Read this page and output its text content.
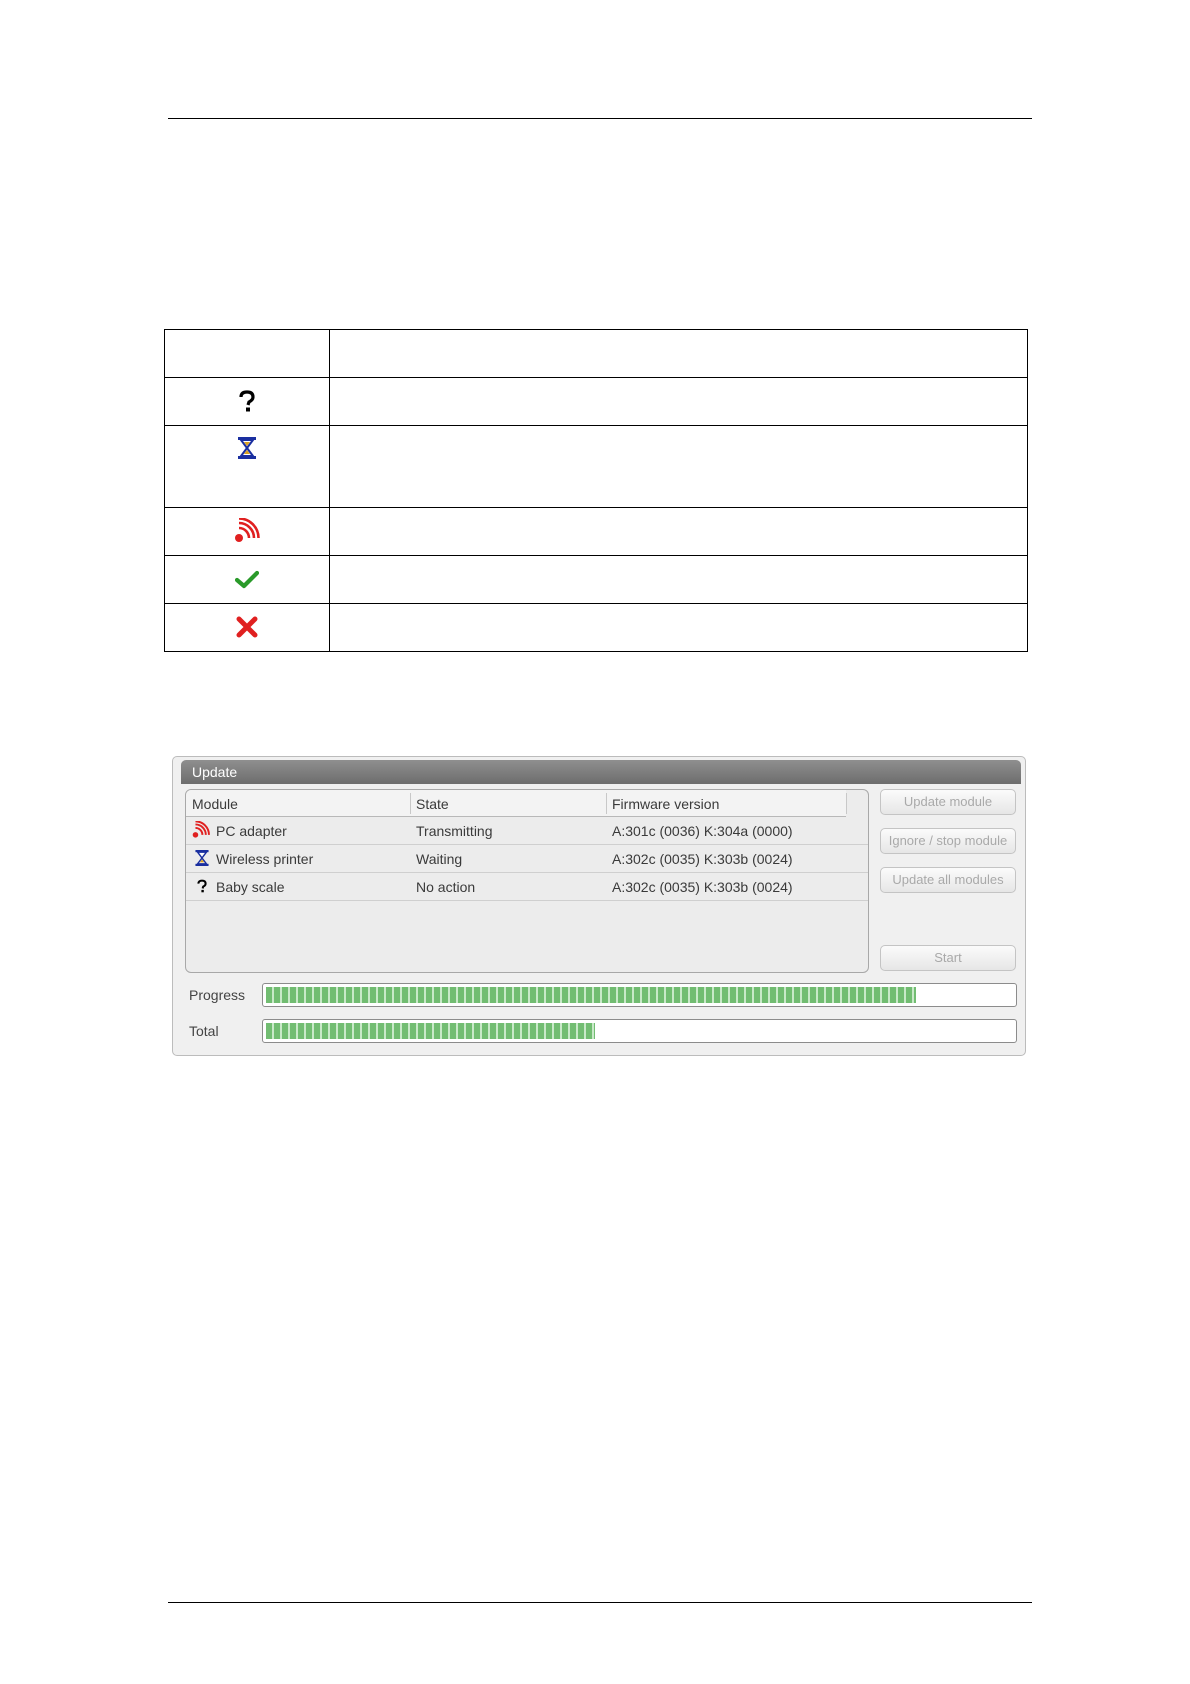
Update
Module	State	Firmware version
PC adapter	Transmitting	A:301c (0036) K:304a (0000)
Wireless printer	Waiting	A:302c (0035) K:303b (0024)
Baby scale	No action	A:302c (0035) K:303b (0024)
Update module
Ignore / stop module
Update all modules
Start
Progress
Total
